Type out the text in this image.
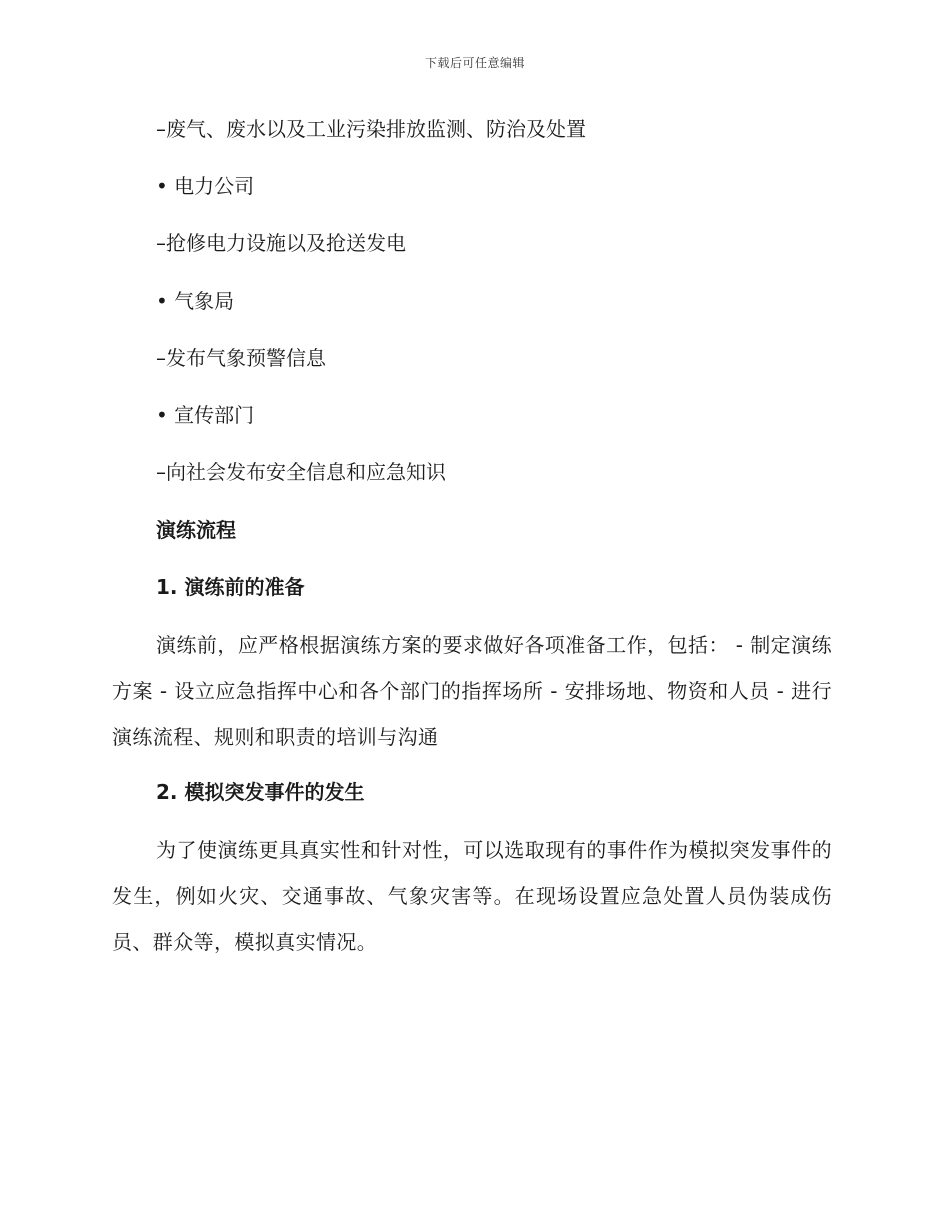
下载后可任意编辑
–废气、废水以及工业污染排放监测、防治及处置
• 电力公司
–抢修电力设施以及抢送发电
• 气象局
–发布气象预警信息
• 宣传部门
–向社会发布安全信息和应急知识
演练流程
1. 演练前的准备
演练前，应严格根据演练方案的要求做好各项准备工作，包括： - 制定演练方案 - 设立应急指挥中心和各个部门的指挥场所 - 安排场地、物资和人员 - 进行演练流程、规则和职责的培训与沟通
2. 模拟突发事件的发生
为了使演练更具真实性和针对性，可以选取现有的事件作为模拟突发事件的发生，例如火灾、交通事故、气象灾害等。在现场设置应急处置人员伪装成伤员、群众等，模拟真实情况。
